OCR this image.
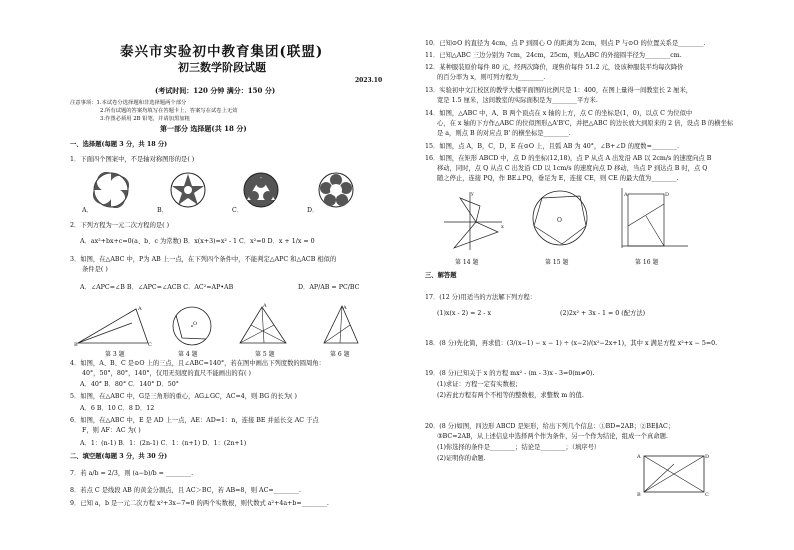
泰兴市实验初中教育集团(联盟)
初三数学阶段试题
2023.10
(考试时间：120 分钟 满分：150 分)
注意事项：1.本试卷分选择题和非选择题两个部分
2.所有试题的答案均填写在答题卡上，答案写在试卷上无效
3.作图必须用 2B 铅笔，并请加黑加粗
第一部分 选择题(共 18 分)
一、选择题(每题 3 分，共 18 分)
1．下面四个图案中，不是轴对称图形的是( )
A．	B．	C．	D．
2．下列方程为一元二次方程的是( )
A．ax²+bx+c=0(a、b、c 为常数) B．x(x+3)=x² - 1 C．x²=0 D．x + 1/x = 0
3．如图，在△ABC 中，P为 AB 上一点，在下列四个条件中，不能判定△APC 和△ACB 相似的
条件是( )
A．∠APC=∠B B．∠APC=∠ACB C．AC²=AP•AB	D．AP/AB = PC/BC
B
A
C
O
A	A
第 3 题	第 4 题	第 5 题	第 6 题
4．如图，A、B、C 是⊙O 上的三点，且∠ABC=140°，若在图中画出下列度数的圆周角：
40°，50°，80°，140°，仅用无刻度的直尺不能画出的有( )
A．40° B．80° C．140° D．50°
5．如图，在△ABC 中，G是三角形的重心，AG⊥GC，AC=4，则 BG 的长为( )
A．6 B．10 C．8 D．12
6．如图，在△ABC 中，E 是 AD 上一点，AE：AD=1：n，连接 BE 并延长交 AC 于点
F，则 AF：AC 为( )
A．1：(n-1) B．1：(2n-1) C．1：(n+1) D．1：(2n+1)
二、填空题(每题 3 分，共 30 分)
7．若 a/b = 2/3，则 (a−b)/b = ________.
8．若点 C 是线段 AB 的黄金分割点，且 AC＞BC，若 AB=8，则 AC=________.
9．已知 a，b 是一元二次方程 x²+3x−7=0 的两个实数根，则代数式 a²+4a+b=________.
10．已知⊙O 的直径为 4cm，点 P 到圆心 O 的距离为 2cm，则点 P 与⊙O 的位置关系是________.
11．已知△ABC 三边分别为 7cm，24cm，25cm，则△ABC 的外接圆半径为________cm.
12．某种服装原价每件 80 元，经两次降价，现售价每件 51.2 元，设该种服装平均每次降价
的百分率为 x，则可列方程为________.
13．实验初中文江校区的教学大楼平面图的比例尺是 1：400，在图上量得一间教室长 2 厘米，
宽是 1.5 厘米，这间教室的实际面积是为________平方米.
14．如图，△ABC 中，A、B 两个顶点在 x 轴的上方，点 C 的坐标是(1，0)，以点 C 为位似中
心，在 x 轴的下方作△ABC 的位似图形△A'B'C，并把△ABC 的边长放大到原来的 2 倍，设点 B 的横坐标
是 a，则点 B 的对应点 B' 的横坐标是________.
15．如图，点 A，B，C，D，E 在⊙O 上，且弧 AB 为 40°，∠B+∠D 的度数=________.
16．如图，在矩形 ABCD 中，点 D 的坐标(12,18)，点 P 从点 A 出发沿 AB 以 2cm/s 的速度向点 B
移动，同时，点 Q 从点 C 出发沿 CD 以 1cm/s 的速度向点 D 移动，当点 P 到达点 B 时，点 Q
随之停止，连接 PQ，作 BE⊥PQ，垂足为 E，连接 CE，则 CE 的最大值为________.
x
y
O
A	D
第 14 题	第 15 题	第 16 题
三、解答题
17．(12 分)用适当的方法解下列方程：
(1)x(x - 2) = 2 - x	(2)2x² + 3x - 1 = 0 (配方法)
18．(8 分)先化简，再求值：(3/(x−1) − x − 1) ÷ (x−2)/(x²−2x+1)，其中 x 满足方程 x²+x − 5=0.
19．(8 分)已知关于 x 的方程 mx² - (m - 3)x - 3=0(m≠0).
(1)求证：方程一定有实数根；
(2)若此方程有两个不相等的整数根，求整数 m 的值.
20．(8 分)如图，四边形 ABCD 是矩形，给出下列几个信息：①BD=2AB；②BE∥AC；
③BC=2AB，从上述信息中选择两个作为条件，另一个作为结论，组成一个真命题.
(1)你选择的条件是________；结论是________；（填序号）
(2)证明你的命题.	A
B	C
D
